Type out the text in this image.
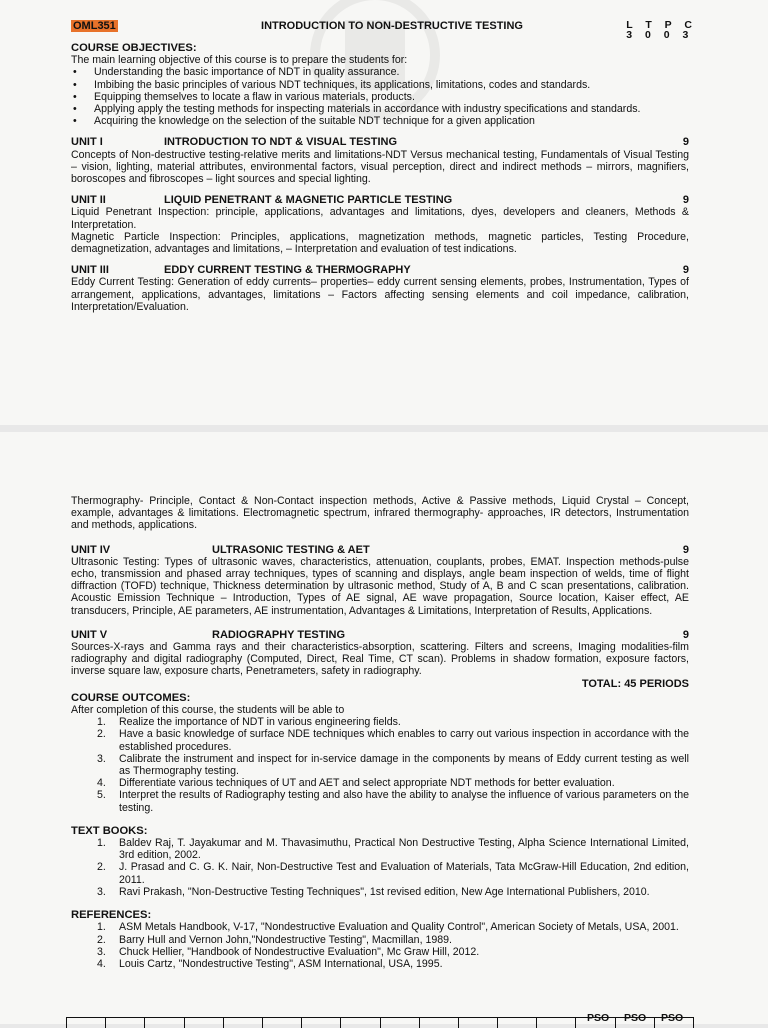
OML351	INTRODUCTION TO NON-DESTRUCTIVE TESTING	L T P C
3 0 0 3
COURSE OBJECTIVES:
The main learning objective of this course is to prepare the students for:
• Understanding the basic importance of NDT in quality assurance.
• Imbibing the basic principles of various NDT techniques, its applications, limitations, codes and standards.
• Equipping themselves to locate a flaw in various materials, products.
• Applying apply the testing methods for inspecting materials in accordance with industry specifications and standards.
• Acquiring the knowledge on the selection of the suitable NDT technique for a given application
UNIT I	INTRODUCTION TO NDT & VISUAL TESTING	9
Concepts of Non-destructive testing-relative merits and limitations-NDT Versus mechanical testing, Fundamentals of Visual Testing – vision, lighting, material attributes, environmental factors, visual perception, direct and indirect methods – mirrors, magnifiers, boroscopes and fibroscopes – light sources and special lighting.
UNIT II	LIQUID PENETRANT & MAGNETIC PARTICLE TESTING	9
Liquid Penetrant Inspection: principle, applications, advantages and limitations, dyes, developers and cleaners, Methods & Interpretation.
Magnetic Particle Inspection: Principles, applications, magnetization methods, magnetic particles, Testing Procedure, demagnetization, advantages and limitations, – Interpretation and evaluation of test indications.
UNIT III	EDDY CURRENT TESTING & THERMOGRAPHY	9
Eddy Current Testing: Generation of eddy currents– properties– eddy current sensing elements, probes, Instrumentation, Types of arrangement, applications, advantages, limitations – Factors affecting sensing elements and coil impedance, calibration, Interpretation/Evaluation.
Thermography- Principle, Contact & Non-Contact inspection methods, Active & Passive methods, Liquid Crystal – Concept, example, advantages & limitations. Electromagnetic spectrum, infrared thermography- approaches, IR detectors, Instrumentation and methods, applications.
UNIT IV	ULTRASONIC TESTING & AET	9
Ultrasonic Testing: Types of ultrasonic waves, characteristics, attenuation, couplants, probes, EMAT. Inspection methods-pulse echo, transmission and phased array techniques, types of scanning and displays, angle beam inspection of welds, time of flight diffraction (TOFD) technique, Thickness determination by ultrasonic method, Study of A, B and C scan presentations, calibration. Acoustic Emission Technique – Introduction, Types of AE signal, AE wave propagation, Source location, Kaiser effect, AE transducers, Principle, AE parameters, AE instrumentation, Advantages & Limitations, Interpretation of Results, Applications.
UNIT V	RADIOGRAPHY TESTING	9
Sources-X-rays and Gamma rays and their characteristics-absorption, scattering. Filters and screens, Imaging modalities-film radiography and digital radiography (Computed, Direct, Real Time, CT scan). Problems in shadow formation, exposure factors, inverse square law, exposure charts, Penetrameters, safety in radiography.
TOTAL: 45 PERIODS
COURSE OUTCOMES:
After completion of this course, the students will be able to
1. Realize the importance of NDT in various engineering fields.
2. Have a basic knowledge of surface NDE techniques which enables to carry out various inspection in accordance with the established procedures.
3. Calibrate the instrument and inspect for in-service damage in the components by means of Eddy current testing as well as Thermography testing.
4. Differentiate various techniques of UT and AET and select appropriate NDT methods for better evaluation.
5. Interpret the results of Radiography testing and also have the ability to analyse the influence of various parameters on the testing.
TEXT BOOKS:
1. Baldev Raj, T. Jayakumar and M. Thavasimuthu, Practical Non Destructive Testing, Alpha Science International Limited, 3rd edition, 2002.
2. J. Prasad and C. G. K. Nair, Non-Destructive Test and Evaluation of Materials, Tata McGraw-Hill Education, 2nd edition, 2011.
3. Ravi Prakash, "Non-Destructive Testing Techniques", 1st revised edition, New Age International Publishers, 2010.
REFERENCES:
1. ASM Metals Handbook, V-17, "Nondestructive Evaluation and Quality Control", American Society of Metals, USA, 2001.
2. Barry Hull and Vernon John,"Nondestructive Testing", Macmillan, 1989.
3. Chuck Hellier, "Handbook of Nondestructive Evaluation", Mc Graw Hill, 2012.
4. Louis Cartz, "Nondestructive Testing", ASM International, USA, 1995.
PSO PSO PSO
